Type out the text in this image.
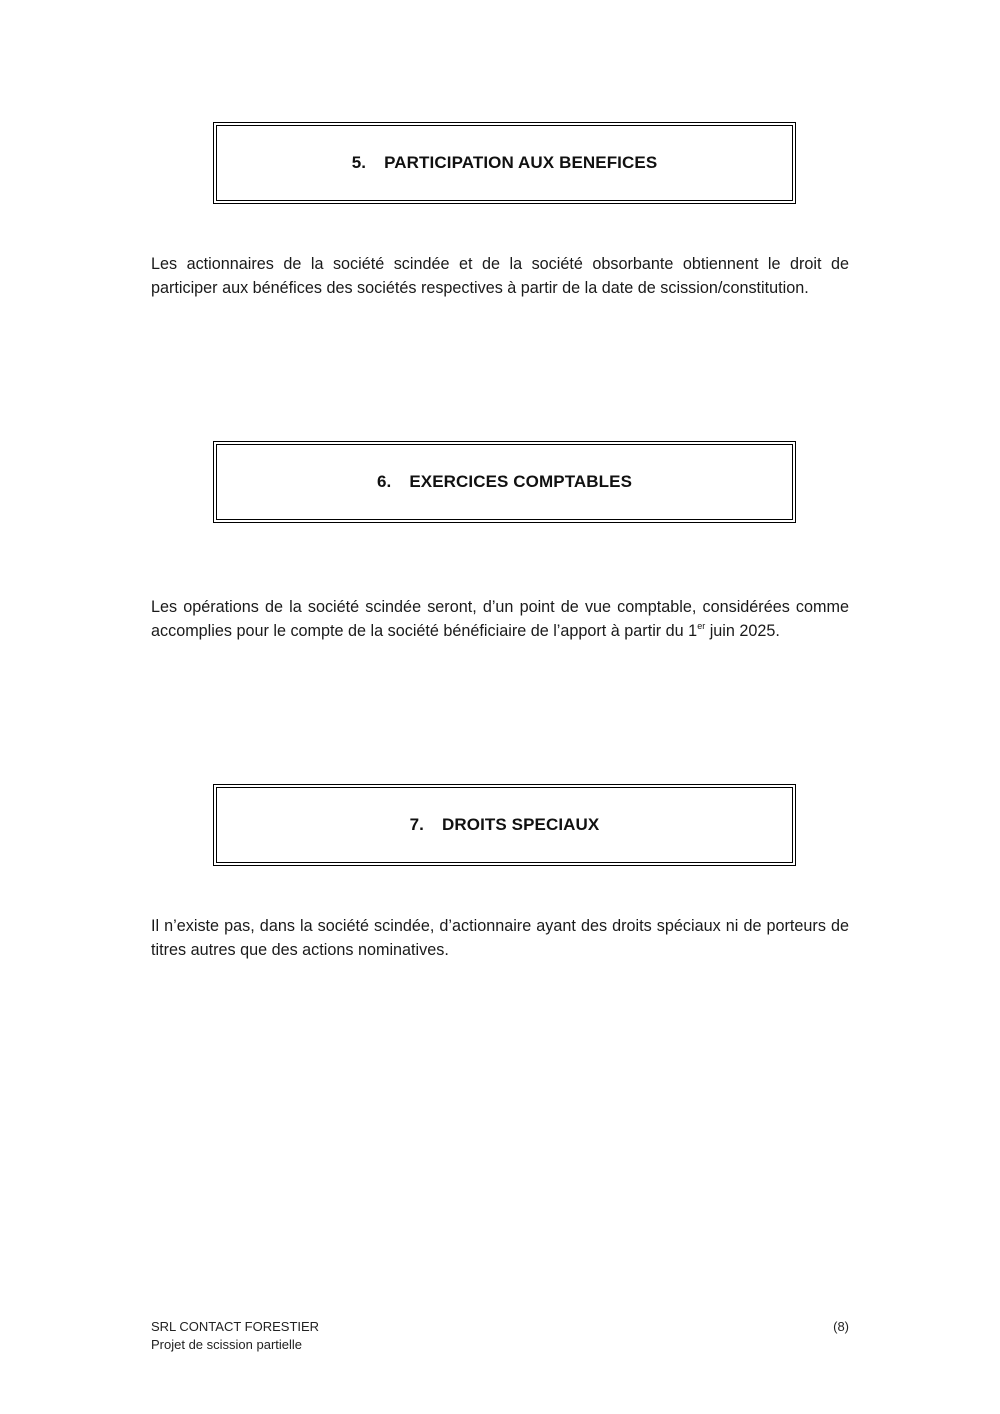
5. PARTICIPATION AUX BENEFICES

Les actionnaires de la société scindée et de la société obsorbante obtiennent le droit de participer aux bénéfices des sociétés respectives à partir de la date de scission/constitution.

6. EXERCICES COMPTABLES

Les opérations de la société scindée seront, d’un point de vue comptable, considérées comme accomplies pour le compte de la société bénéficiaire de l’apport à partir du 1er juin 2025.

7. DROITS SPECIAUX

Il n’existe pas, dans la société scindée, d’actionnaire ayant des droits spéciaux ni de porteurs de titres autres que des actions nominatives.

SRL CONTACT FORESTIER
Projet de scission partielle
(8)
